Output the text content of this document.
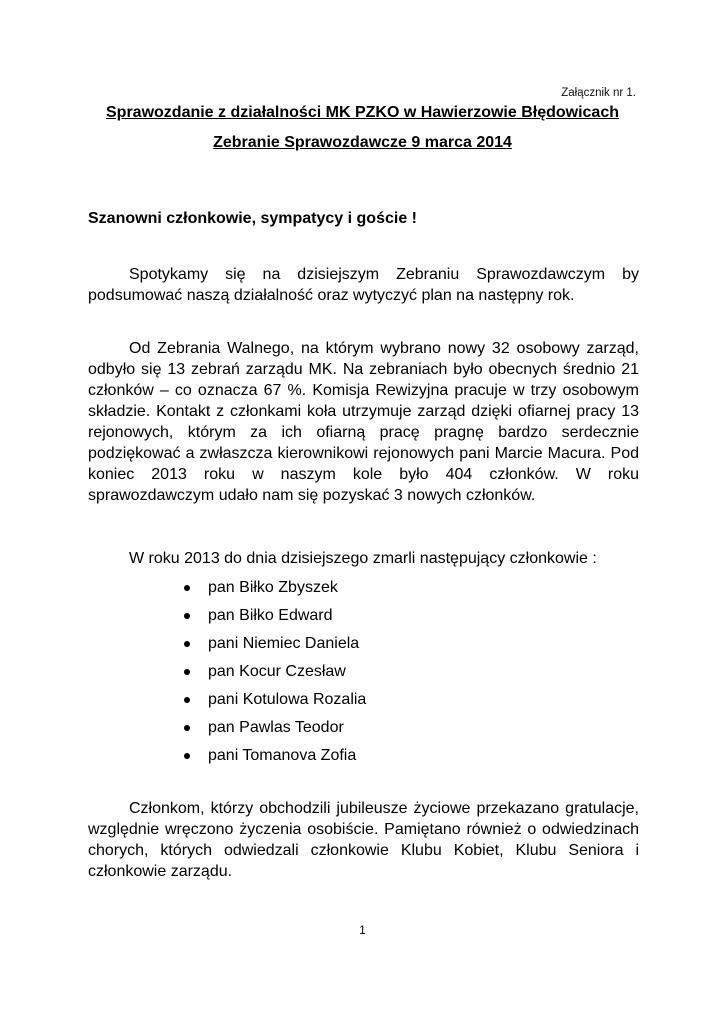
Załącznik nr 1.
Sprawozdanie z działalności MK PZKO w Hawierzowie Błędowicach
Zebranie Sprawozdawcze 9 marca 2014
Szanowni członkowie, sympatycy i goście !

Spotykamy się na dzisiejszym Zebraniu Sprawozdawczym by podsumować naszą działalność oraz wytyczyć plan na następny rok.

Od Zebrania Walnego, na którym wybrano nowy 32 osobowy zarząd, odbyło się 13 zebrań zarządu MK. Na zebraniach było obecnych średnio 21 członków – co oznacza 67 %. Komisja Rewizyjna pracuje w trzy osobowym składzie. Kontakt z członkami koła utrzymuje zarząd dzięki ofiarnej pracy 13 rejonowych, którym za ich ofiarną pracę pragnę bardzo serdecznie podziękować a zwłaszcza kierownikowi rejonowych pani Marcie Macura. Pod koniec 2013 roku w naszym kole było 404 członków. W roku sprawozdawczym udało nam się pozyskać 3 nowych członków.

W roku 2013 do dnia dzisiejszego zmarli następujący członkowie :

pan Biłko Zbyszek
pan Biłko Edward
pani Niemiec Daniela
pan Kocur Czesław
pani Kotulowa Rozalia
pan Pawlas Teodor
pani Tomanova Zofia

Członkom, którzy obchodzili jubileusze życiowe przekazano gratulacje, względnie wręczono życzenia osobiście. Pamiętano również o odwiedzinach chorych, których odwiedzali członkowie Klubu Kobiet, Klubu Seniora i członkowie zarządu.

1
